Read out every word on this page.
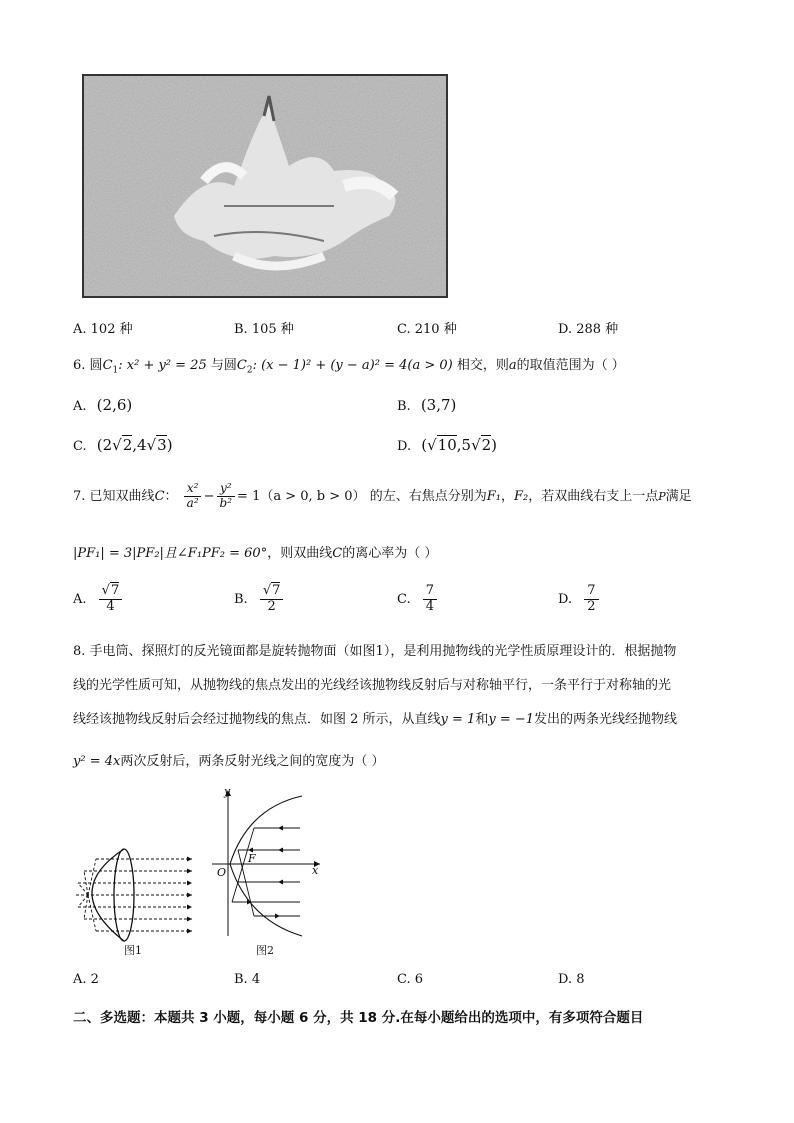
A. 102 种	B. 105 种	C. 210 种	D. 288 种
6. 圆$C_1$: x² + y² = 25 与圆$C_2$: (x − 1)² + (y − a)² = 4(a > 0) 相交，则a的取值范围为（ ）
A. (2,6)	B. (3,7)
C. (2√2,4√3)	D. (√10,5√2)
7. 已知双曲线C： $\frac{\text{x²}}{\text{a²}} - \frac{\text{y²}}{\text{b²}} = 1(a > 0$, b > 0） 的左、右焦点分别为F₁，F₂，若双曲线右支上一点P满足
|PF₁| = 3|PF₂|且∠F₁PF₂ = 60°，则双曲线C的离心率为（ ）
A. $\frac{√7}{4}$	B. $\frac{√7}{2}$	C. $\frac{7}{4}$	D. $\frac{7}{2}$
8. 手电筒、探照灯的反光镜面都是旋转抛物面（如图1），是利用抛物线的光学性质原理设计的．根据抛物
线的光学性质可知，从抛物线的焦点发出的光线经该抛物线反射后与对称轴平行，一条平行于对称轴的光
线经该抛物线反射后会经过抛物线的焦点．如图 2 所示，从直线y = 1和y = −1发出的两条光线经抛物线
y² = 4x两次反射后，两条反射光线之间的宽度为（ ）
图1
y
x
O
F
图2
A. 2	B. 4	C. 6	D. 8
二、多选题：本题共 3 小题，每小题 6 分，共 18 分.在每小题给出的选项中，有多项符合题目
